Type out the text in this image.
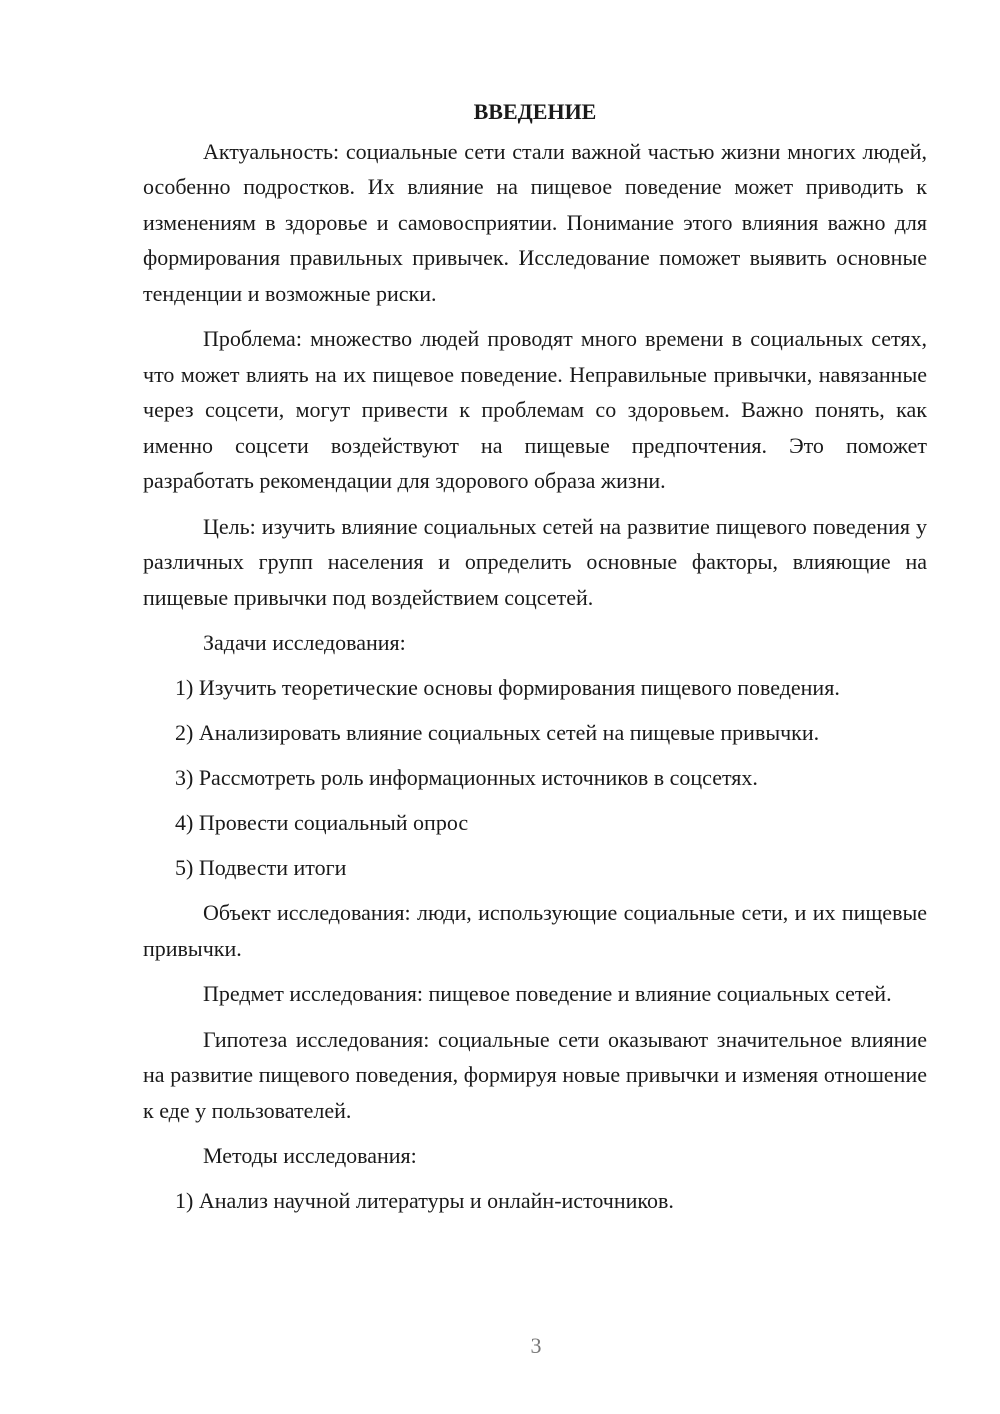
ВВЕДЕНИЕ
Актуальность: социальные сети стали важной частью жизни многих людей, особенно подростков. Их влияние на пищевое поведение может приводить к изменениям в здоровье и самовосприятии. Понимание этого влияния важно для формирования правильных привычек. Исследование поможет выявить основные тенденции и возможные риски.
Проблема: множество людей проводят много времени в социальных сетях, что может влиять на их пищевое поведение. Неправильные привычки, навязанные через соцсети, могут привести к проблемам со здоровьем. Важно понять, как именно соцсети воздействуют на пищевые предпочтения. Это поможет разработать рекомендации для здорового образа жизни.
Цель: изучить влияние социальных сетей на развитие пищевого поведения у различных групп населения и определить основные факторы, влияющие на пищевые привычки под воздействием соцсетей.
Задачи исследования:
1) Изучить теоретические основы формирования пищевого поведения.
2) Анализировать влияние социальных сетей на пищевые привычки.
3) Рассмотреть роль информационных источников в соцсетях.
4) Провести социальный опрос
5) Подвести итоги
Объект исследования: люди, использующие социальные сети, и их пищевые привычки.
Предмет исследования: пищевое поведение и влияние социальных сетей.
Гипотеза исследования: социальные сети оказывают значительное влияние на развитие пищевого поведения, формируя новые привычки и изменяя отношение к еде у пользователей.
Методы исследования:
1) Анализ научной литературы и онлайн-источников.
3
